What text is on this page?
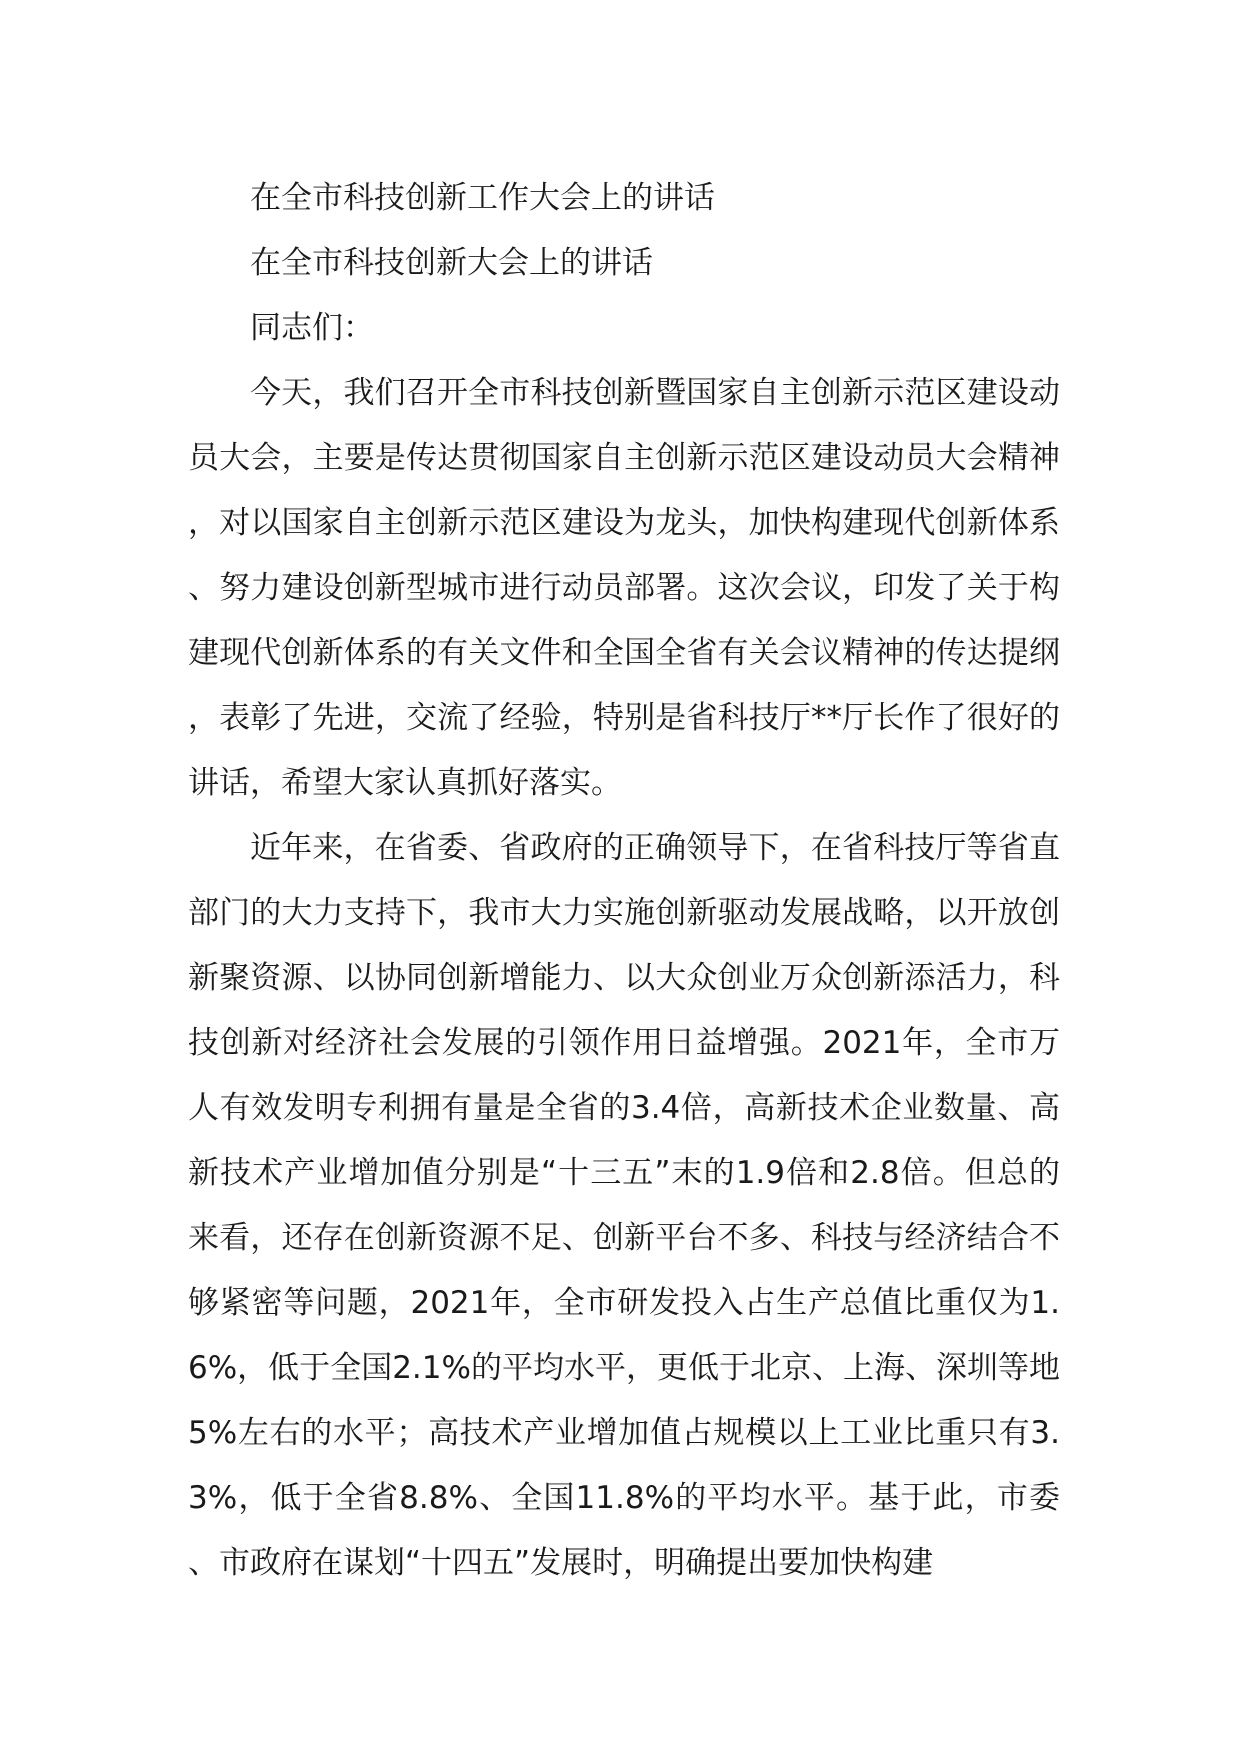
在全市科技创新工作大会上的讲话

在全市科技创新大会上的讲话

同志们：

今天，我们召开全市科技创新暨国家自主创新示范区建设动员大会，主要是传达贯彻国家自主创新示范区建设动员大会精神，对以国家自主创新示范区建设为龙头，加快构建现代创新体系、努力建设创新型城市进行动员部署。这次会议，印发了关于构建现代创新体系的有关文件和全国全省有关会议精神的传达提纲，表彰了先进，交流了经验，特别是省科技厅**厅长作了很好的讲话，希望大家认真抓好落实。

近年来，在省委、省政府的正确领导下，在省科技厅等省直部门的大力支持下，我市大力实施创新驱动发展战略，以开放创新聚资源、以协同创新增能力、以大众创业万众创新添活力，科技创新对经济社会发展的引领作用日益增强。2021年，全市万人有效发明专利拥有量是全省的3.4倍，高新技术企业数量、高新技术产业增加值分别是“十三五”末的1.9倍和2.8倍。但总的来看，还存在创新资源不足、创新平台不多、科技与经济结合不够紧密等问题，2021年，全市研发投入占生产总值比重仅为1.6%，低于全国2.1%的平均水平，更低于北京、上海、深圳等地5%左右的水平；高技术产业增加值占规模以上工业比重只有3.3%，低于全省8.8%、全国11.8%的平均水平。基于此，市委、市政府在谋划“十四五”发展时，明确提出要加快构建
